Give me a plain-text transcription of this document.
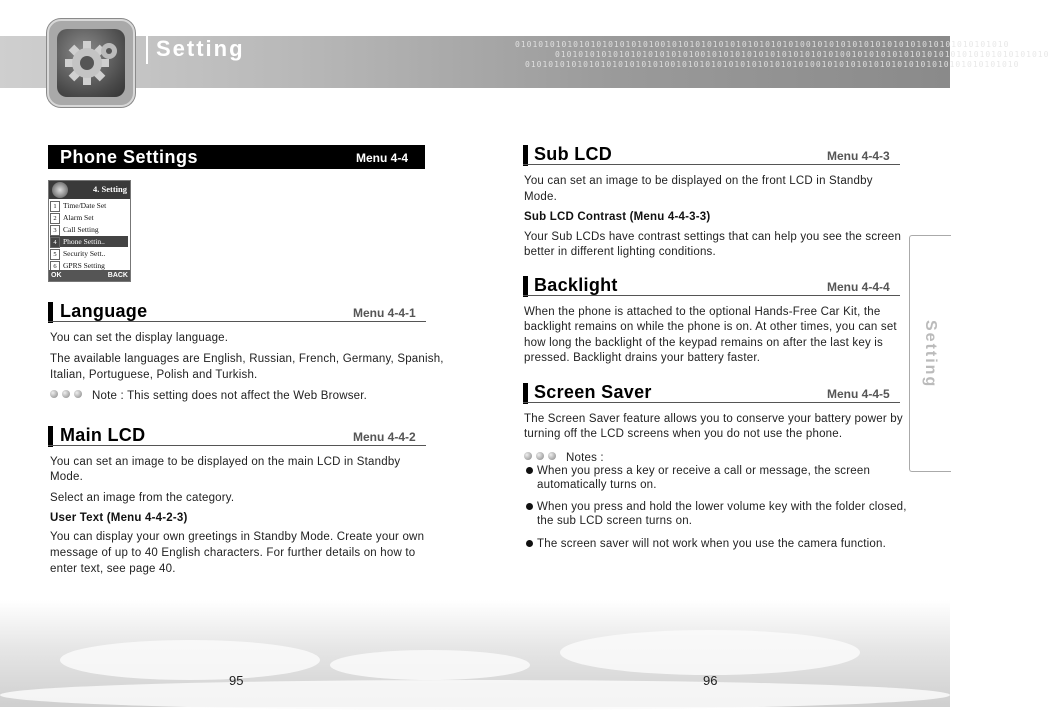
0101010101010101010101010010101010101010101010101001010101010101010101010101010101010
0101010101010101010101010010101010101010101010101001010101010101010101010101010101010
0101010101010101010101010010101010101010101010101001010101010101010101010101010101010
Setting
Phone Settings	Menu 4-4
4. Setting
1 Time/Date Set
2 Alarm Set
3 Call Setting
4 Phone Settin..
5 Security Sett..
6 GPRS Setting
OK	BACK
Language	Menu 4-4-1
You can set the display language.
The available languages are English, Russian, French, Germany, Spanish,
Italian, Portuguese, Polish and Turkish.
Note : This setting does not affect the Web Browser.
Main LCD	Menu 4-4-2
You can set an image to be displayed on the main LCD in Standby
Mode.
Select an image from the category.
User Text (Menu 4-4-2-3)
You can display your own greetings in Standby Mode. Create your own
message of up to 40 English characters. For further details on how to
enter text, see page 40.
Sub LCD	Menu 4-4-3
You can set an image to be displayed on the front LCD in Standby
Mode.
Sub LCD Contrast (Menu 4-4-3-3)
Your Sub LCDs have contrast settings that can help you see the screen
better in different lighting conditions.
Backlight	Menu 4-4-4
When the phone is attached to the optional Hands-Free Car Kit, the
backlight remains on while the phone is on. At other times, you can set
how long the backlight of the keypad remains on after the last key is
pressed. Backlight drains your battery faster.
Screen Saver	Menu 4-4-5
The Screen Saver feature allows you to conserve your battery power by
turning off the LCD screens when you do not use the phone.
Notes :
When you press a key or receive a call or message, the screen
automatically turns on.
When you press and hold the lower volume key with the folder closed,
the sub LCD screen turns on.
The screen saver will not work when you use the camera function.
Setting
95	96
